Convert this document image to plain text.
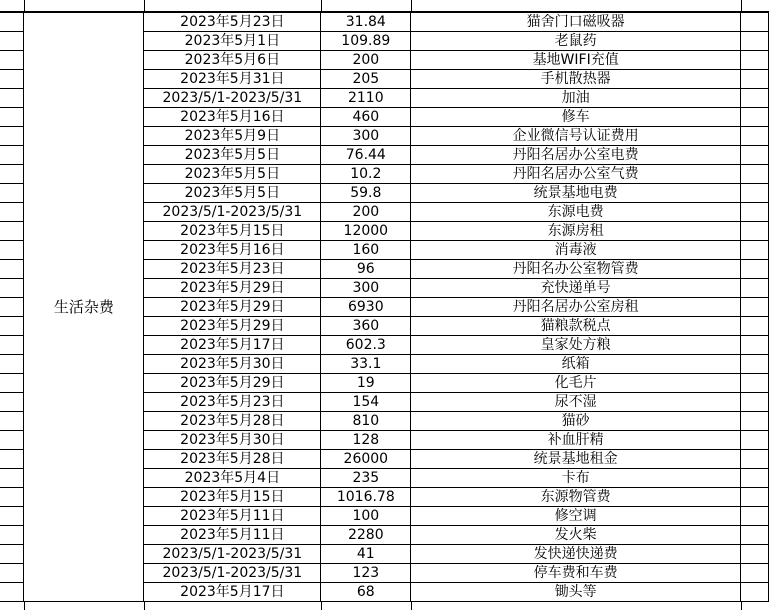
	生活杂费	2023年5月23日	31.84	猫舍门口磁吸器	
		2023年5月1日	109.89	老鼠药	
		2023年5月6日	200	基地WIFI充值	
		2023年5月31日	205	手机散热器	
		2023/5/1-2023/5/31	2110	加油	
		2023年5月16日	460	修车	
		2023年5月9日	300	企业微信号认证费用	
		2023年5月5日	76.44	丹阳名居办公室电费	
		2023年5月5日	10.2	丹阳名居办公室气费	
		2023年5月5日	59.8	统景基地电费	
		2023/5/1-2023/5/31	200	东源电费	
		2023年5月15日	12000	东源房租	
		2023年5月16日	160	消毒液	
		2023年5月23日	96	丹阳名办公室物管费	
		2023年5月29日	300	充快递单号	
		2023年5月29日	6930	丹阳名居办公室房租	
		2023年5月29日	360	猫粮款税点	
		2023年5月17日	602.3	皇家处方粮	
		2023年5月30日	33.1	纸箱	
		2023年5月29日	19	化毛片	
		2023年5月23日	154	尿不湿	
		2023年5月28日	810	猫砂	
		2023年5月30日	128	补血肝精	
		2023年5月28日	26000	统景基地租金	
		2023年5月4日	235	卡布	
		2023年5月15日	1016.78	东源物管费	
		2023年5月11日	100	修空调	
		2023年5月11日	2280	发火柴	
		2023/5/1-2023/5/31	41	发快递快递费	
		2023/5/1-2023/5/31	123	停车费和车费	
		2023年5月17日	68	锄头等	
